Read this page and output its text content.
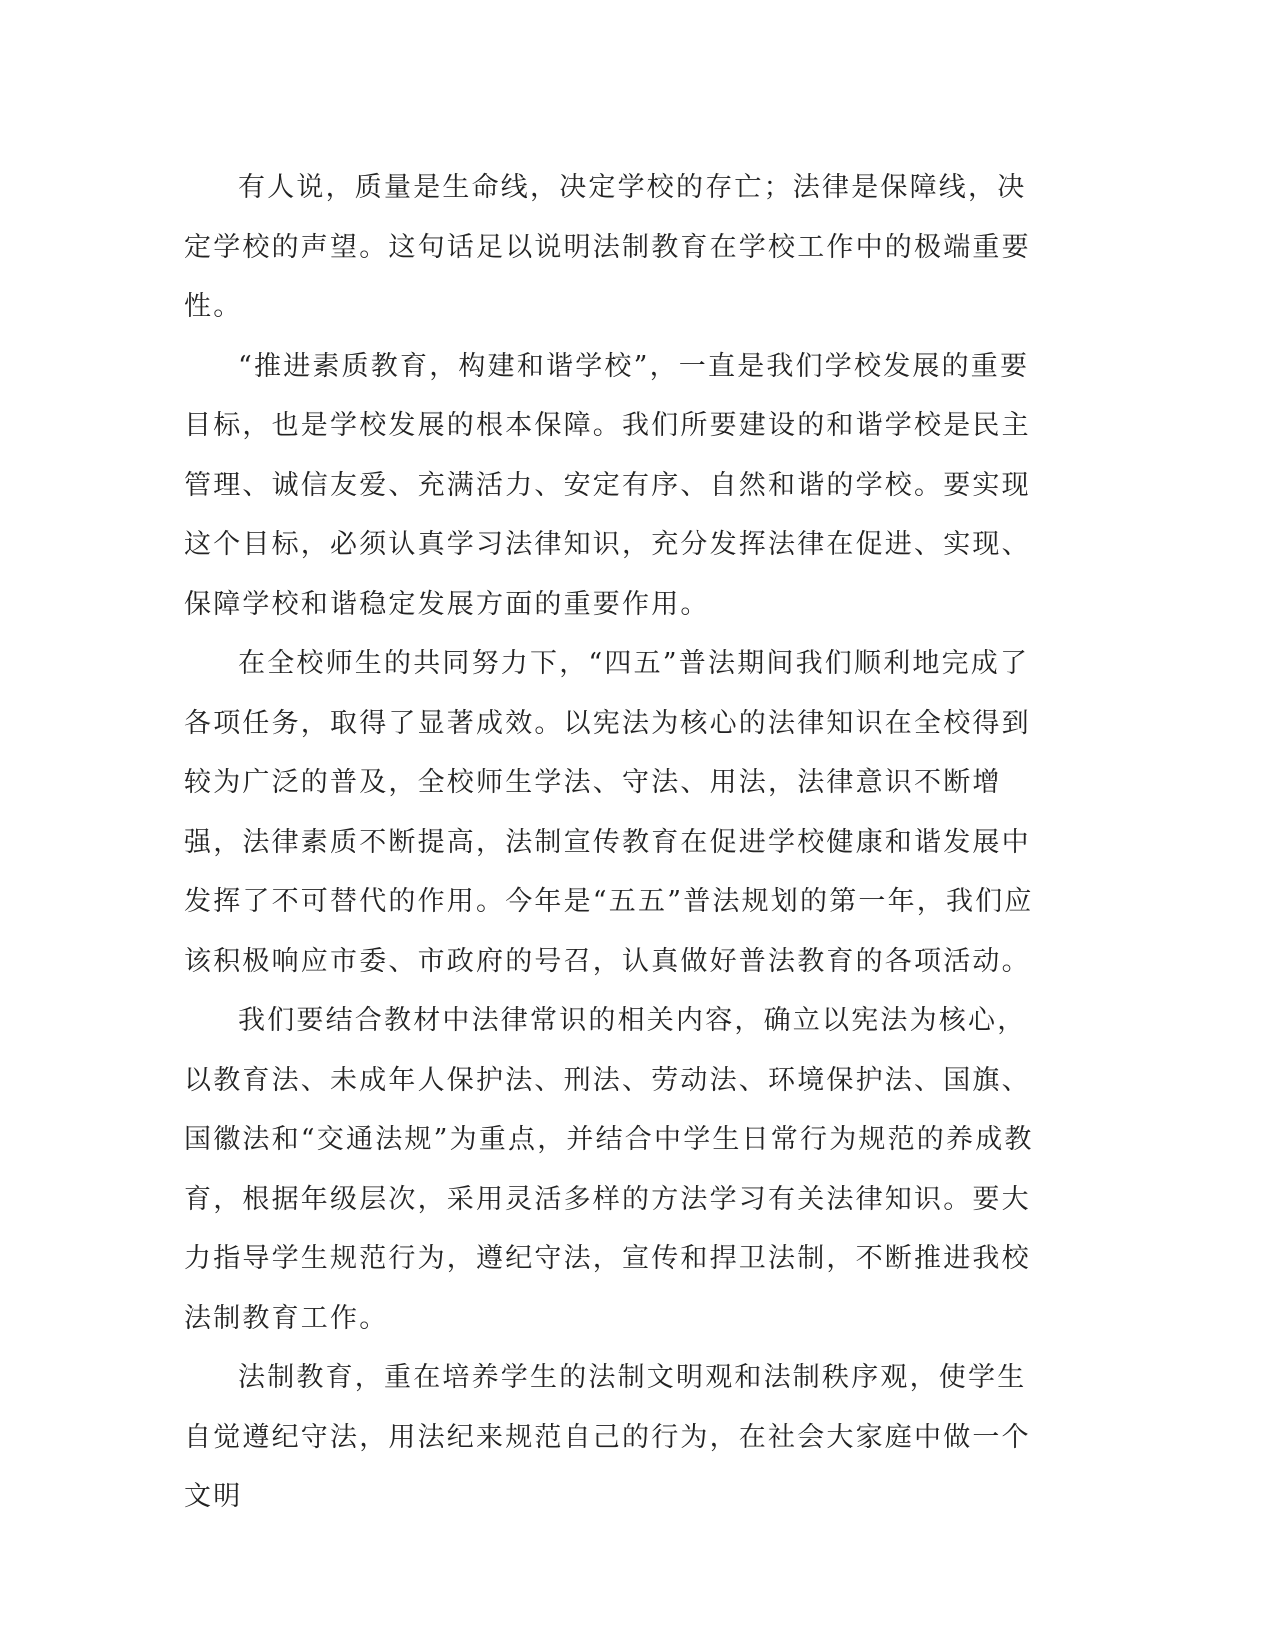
有人说，质量是生命线，决定学校的存亡；法律是保障线，决定学校的声望。这句话足以说明法制教育在学校工作中的极端重要性。

“推进素质教育，构建和谐学校”，一直是我们学校发展的重要目标，也是学校发展的根本保障。我们所要建设的和谐学校是民主管理、诚信友爱、充满活力、安定有序、自然和谐的学校。要实现这个目标，必须认真学习法律知识，充分发挥法律在促进、实现、保障学校和谐稳定发展方面的重要作用。

在全校师生的共同努力下，“四五”普法期间我们顺利地完成了各项任务，取得了显著成效。以宪法为核心的法律知识在全校得到较为广泛的普及，全校师生学法、守法、用法，法律意识不断增强，法律素质不断提高，法制宣传教育在促进学校健康和谐发展中发挥了不可替代的作用。今年是“五五”普法规划的第一年，我们应该积极响应市委、市政府的号召，认真做好普法教育的各项活动。

我们要结合教材中法律常识的相关内容，确立以宪法为核心，以教育法、未成年人保护法、刑法、劳动法、环境保护法、国旗、国徽法和“交通法规”为重点，并结合中学生日常行为规范的养成教育，根据年级层次，采用灵活多样的方法学习有关法律知识。要大力指导学生规范行为，遵纪守法，宣传和捍卫法制，不断推进我校法制教育工作。

法制教育，重在培养学生的法制文明观和法制秩序观，使学生自觉遵纪守法，用法纪来规范自己的行为，在社会大家庭中做一个文明
